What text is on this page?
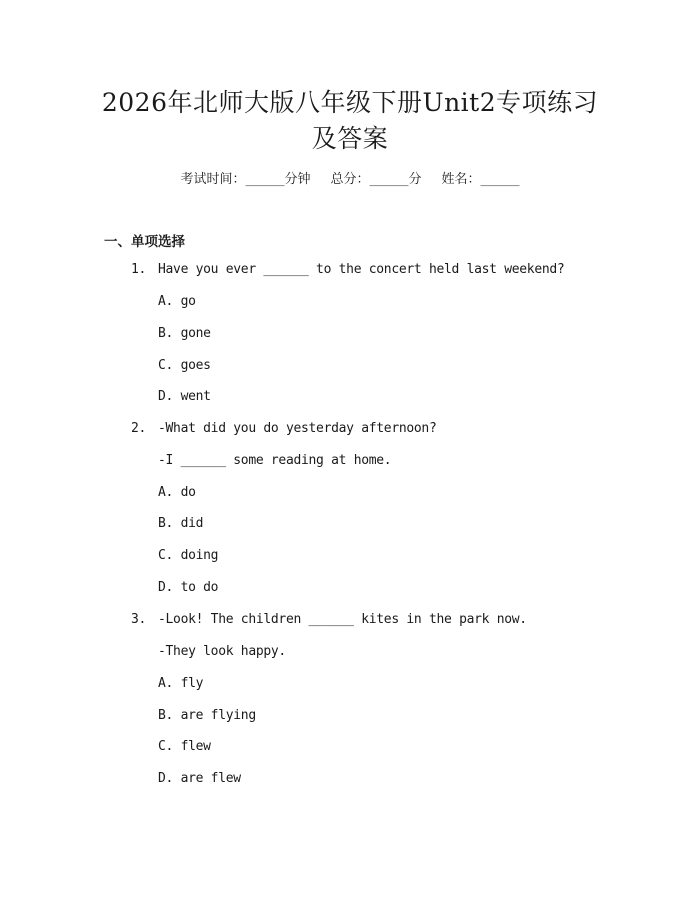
2026年北师大版八年级下册Unit2专项练习
及答案
考试时间：______分钟 总分：______分 姓名：______
一、单项选择
1. Have you ever ______ to the concert held last weekend?
A. go
B. gone
C. goes
D. went
2. -What did you do yesterday afternoon?
-I ______ some reading at home.
A. do
B. did
C. doing
D. to do
3. -Look! The children ______ kites in the park now.
-They look happy.
A. fly
B. are flying
C. flew
D. are flew
